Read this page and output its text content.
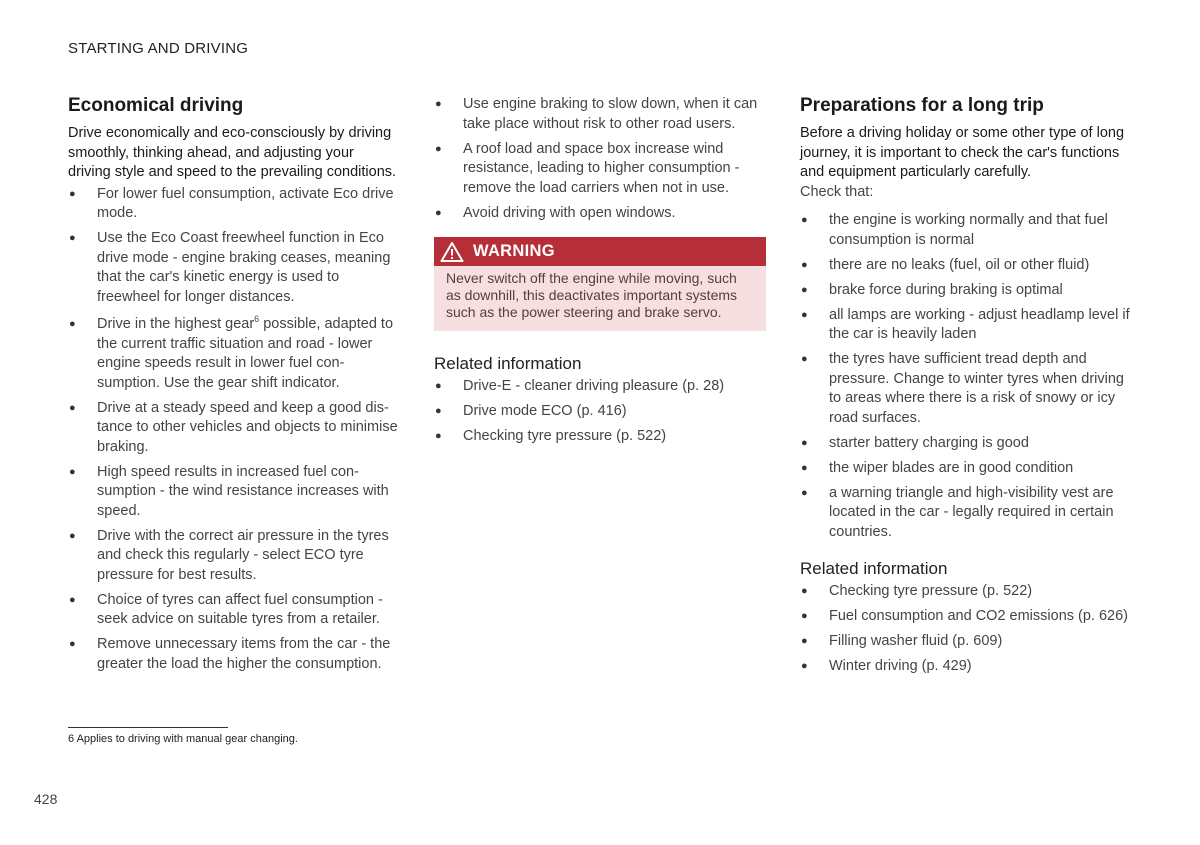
STARTING AND DRIVING
Economical driving

Drive economically and eco-consciously by driving smoothly, thinking ahead, and adjusting your driving style and speed to the prevailing conditions.

● For lower fuel consumption, activate Eco drive mode.
● Use the Eco Coast freewheel function in Eco drive mode - engine braking ceases, meaning that the car's kinetic energy is used to freewheel for longer distances.
● Drive in the highest gear$^6$ possible, adapted to the current traffic situation and road - lower engine speeds result in lower fuel consumption. Use the gear shift indicator.
● Drive at a steady speed and keep a good distance to other vehicles and objects to minimise braking.
● High speed results in increased fuel consumption - the wind resistance increases with speed.
● Drive with the correct air pressure in the tyres and check this regularly - select ECO tyre pressure for best results.
● Choice of tyres can affect fuel consumption - seek advice on suitable tyres from a retailer.
● Remove unnecessary items from the car - the greater the load the higher the consumption.
● Use engine braking to slow down, when it can take place without risk to other road users.
● A roof load and space box increase wind resistance, leading to higher consumption - remove the load carriers when not in use.
● Avoid driving with open windows.
WARNING
Never switch off the engine while moving, such as downhill, this deactivates important systems such as the power steering and brake servo.
Related information
● Drive-E - cleaner driving pleasure (p. 28)
● Drive mode ECO (p. 416)
● Checking tyre pressure (p. 522)
Preparations for a long trip

Before a driving holiday or some other type of long journey, it is important to check the car's functions and equipment particularly carefully.
Check that:

● the engine is working normally and that fuel consumption is normal
● there are no leaks (fuel, oil or other fluid)
● brake force during braking is optimal
● all lamps are working - adjust headlamp level if the car is heavily laden
● the tyres have sufficient tread depth and pressure. Change to winter tyres when driving to areas where there is a risk of snowy or icy road surfaces.
● starter battery charging is good
● the wiper blades are in good condition
● a warning triangle and high-visibility vest are located in the car - legally required in certain countries.
Related information
● Checking tyre pressure (p. 522)
● Fuel consumption and CO2 emissions (p. 626)
● Filling washer fluid (p. 609)
● Winter driving (p. 429)
6 Applies to driving with manual gear changing.
428
